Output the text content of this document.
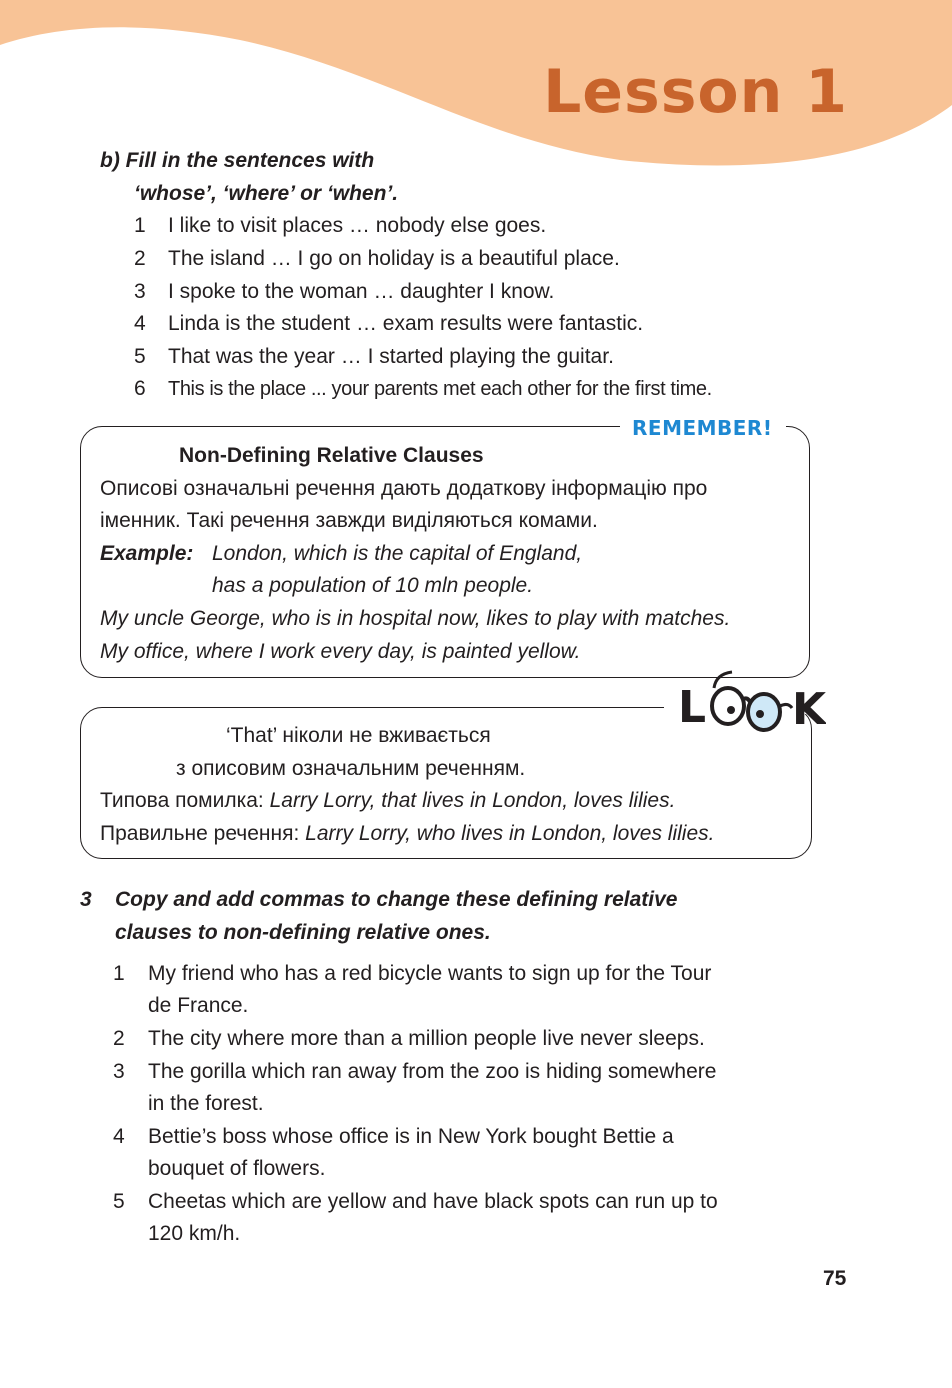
Lesson 1
b) Fill in the sentences with
‘whose’, ‘where’ or ‘when’.
1 I like to visit places … nobody else goes.
2 The island … I go on holiday is a beautiful place.
3 I spoke to the woman … daughter I know.
4 Linda is the student … exam results were fantastic.
5 That was the year … I started playing the guitar.
6 This is the place ... your parents met each other for the first time.
REMEMBER!
Non-Defining Relative Clauses
Описові означальні речення дають додаткову інформацію про
іменник. Такі речення завжди виділяються комами.
Example: London, which is the capital of England,
has a population of 10 mln people.
My uncle George, who is in hospital now, likes to play with matches.
My office, where I work every day, is painted yellow.
L K
‘That’ ніколи не вживається
з описовим означальним реченням.
Типова помилка: Larry Lorry, that lives in London, loves lilies.
Правильне речення: Larry Lorry, who lives in London, loves lilies.
3 Copy and add commas to change these defining relative
clauses to non-defining relative ones.
1 My friend who has a red bicycle wants to sign up for the Tour
de France.
2 The city where more than a million people live never sleeps.
3 The gorilla which ran away from the zoo is hiding somewhere
in the forest.
4 Bettie’s boss whose office is in New York bought Bettie a
bouquet of flowers.
5 Cheetas which are yellow and have black spots can run up to
120 km/h.
75
